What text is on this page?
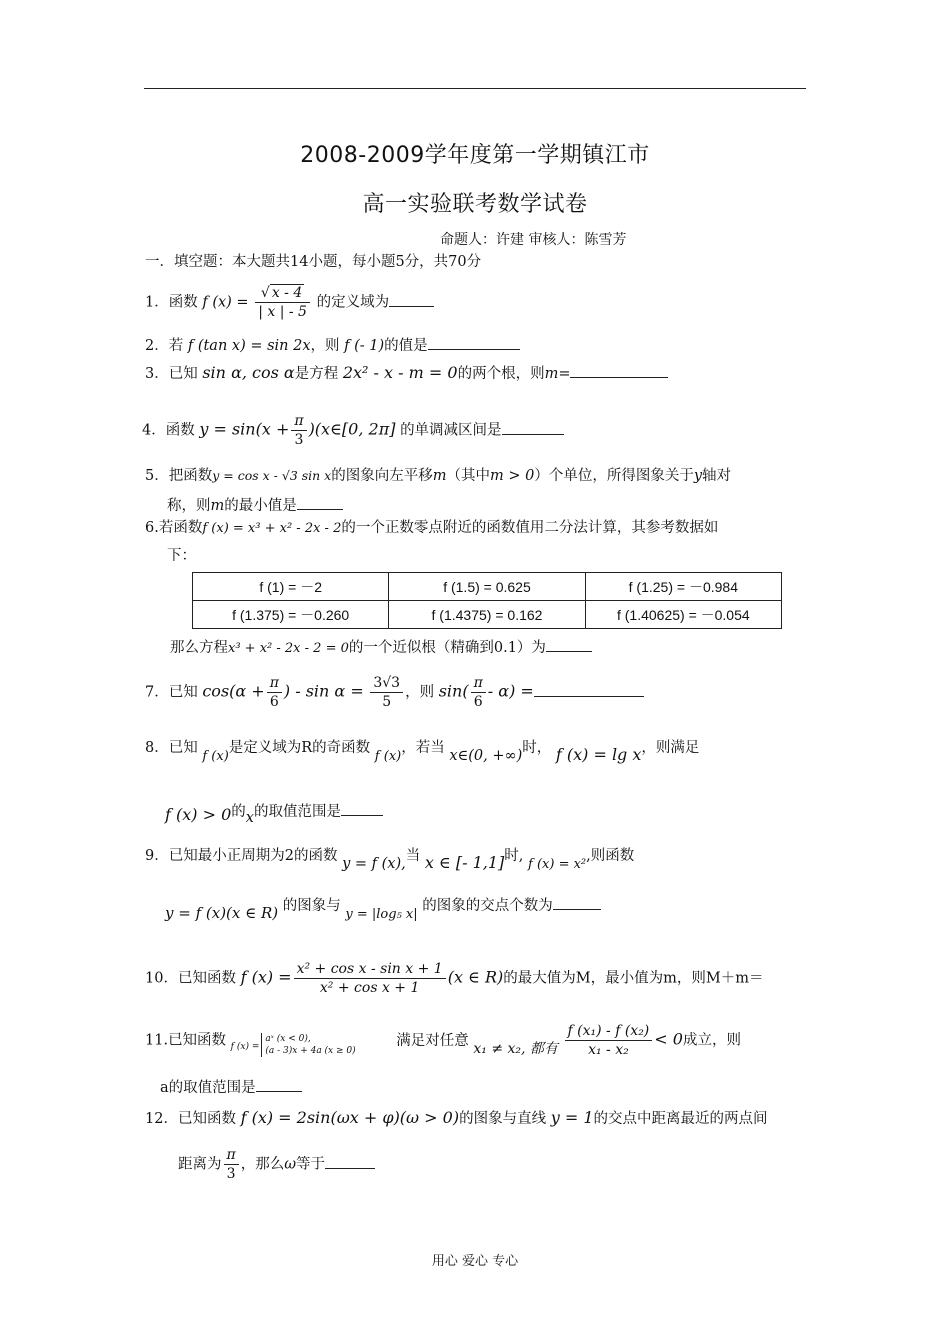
2008-2009学年度第一学期镇江市
高一实验联考数学试卷
命题人：许建 审核人：陈雪芳
一．填空题：本大题共14小题，每小题5分，共70分
1．函数 f $(x) = \frac{√ x - 4}{| x | - 5}$ 的定义域为
2．若 f (tan x) = sin 2x，则 f (- 1)的值是
3．已知 sin α, cos α是方程 2x² - x - m = 0的两个根，则m=
4．函数 $y = \sin(x + \frac{\pi}{3}$ )(x∈[0, 2π] 的单调减区间是
5．把函数y = cos x - √3 sin x的图象向左平移m（其中m > 0）个单位，所得图象关于y轴对
称，则m的最小值是
6.若函数f (x) = x³ + x² - 2x - 2的一个正数零点附近的函数值用二分法计算，其参考数据如
下：
f (1) = －2	f (1.5) = 0.625	f (1.25) = －0.984
f (1.375) = －0.260	f (1.4375) = 0.162	f (1.40625) = －0.054
那么方程x³ + x² - 2x - 2 = 0的一个近似根（精确到0.1）为
7．已知 $\cos(\alpha + \frac{\pi}{6}$ ) - $\sin \alpha = \frac{3√3}{5}$ ，则 $\sin( \frac{\pi}{6} - \alpha)$ =
8．已知 f (x)是定义域为R的奇函数 f (x)，若当 x∈(0, +∞)时， f (x) = lg x，则满足
f (x) > 0的x的取值范围是
9．已知最小正周期为2的函数 y = f (x),当 x ∈ [- 1,1]时, f (x) = x²,则函数
y = f (x)(x ∈ R) 的图象与 y = |log₅ x| 的图象的交点个数为
10．已知函数 f $(x) = \frac{\text{x² + cos x - sin x + 1}}{\text{x² + cos x + 1}} (x$ ∈ R)的最大值为M，最小值为m，则M＋m＝
11.已知函数 $_{f (x) =}$
aˣ (x < 0),
(a - 3)x + 4a (x ≥ 0)
满足对任意 x₁ ≠ x₂, 都有 $\frac{\text{f (x₁) - f (x₂)}}{\text{x₁ - x₂}} < 0$成立，则
a的取值范围是
12．已知函数 f (x) = 2sin(ωx + φ)(ω > 0)的图象与直线 y = 1的交点中距离最近的两点间
距离为 $\frac{\pi}{3}$ ，那么ω等于
用心 爱心 专心
